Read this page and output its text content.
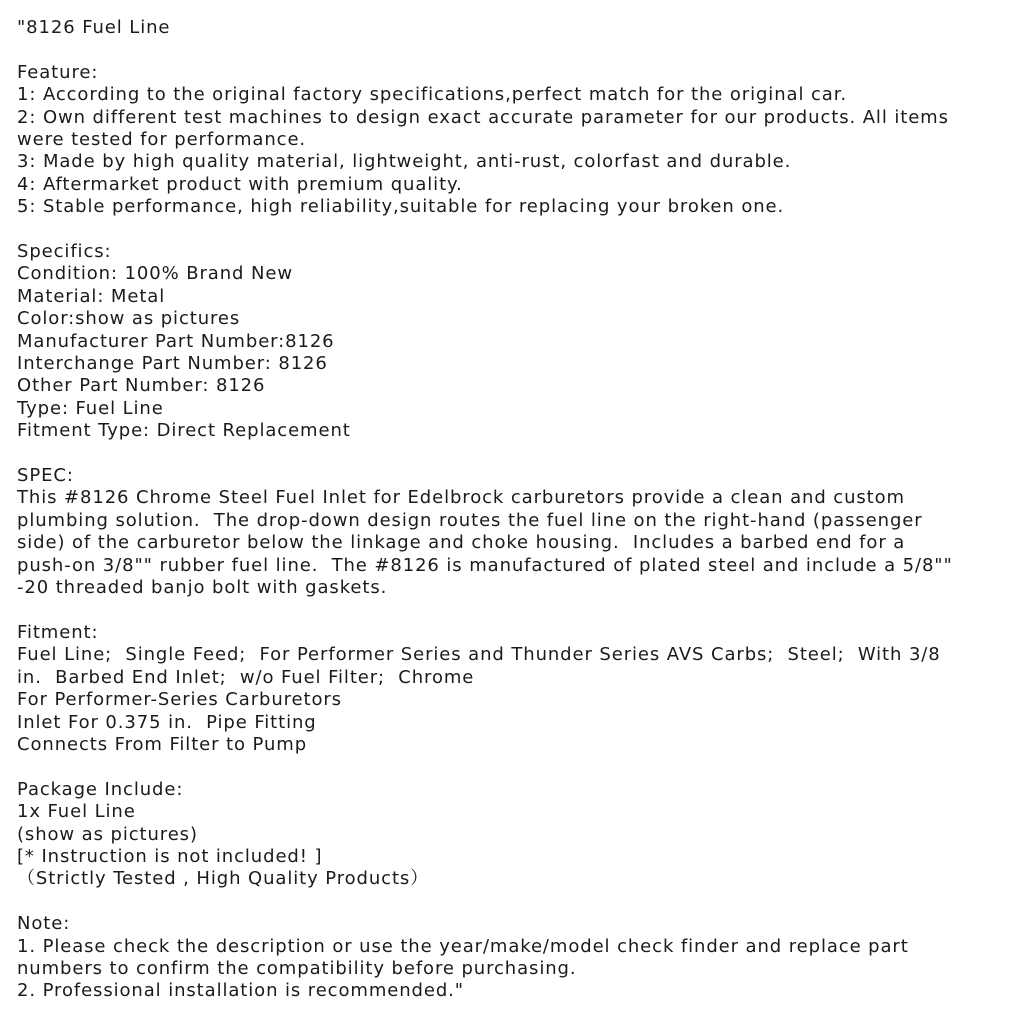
"8126 Fuel Line
Feature:
1: According to the original factory specifications,perfect match for the original car.
2: Own different test machines to design exact accurate parameter for our products. All items
were tested for performance.
3: Made by high quality material, lightweight, anti-rust, colorfast and durable.
4: Aftermarket product with premium quality.
5: Stable performance, high reliability,suitable for replacing your broken one.
Specifics:
Condition: 100% Brand New
Material: Metal
Color:show as pictures
Manufacturer Part Number:8126
Interchange Part Number: 8126
Other Part Number: 8126
Type: Fuel Line
Fitment Type: Direct Replacement
SPEC:
This #8126 Chrome Steel Fuel Inlet for Edelbrock carburetors provide a clean and custom
plumbing solution.  The drop-down design routes the fuel line on the right-hand (passenger
side) of the carburetor below the linkage and choke housing.  Includes a barbed end for a
push-on 3/8"" rubber fuel line.  The #8126 is manufactured of plated steel and include a 5/8""
-20 threaded banjo bolt with gaskets.
Fitment:
Fuel Line;  Single Feed;  For Performer Series and Thunder Series AVS Carbs;  Steel;  With 3/8
in.  Barbed End Inlet;  w/o Fuel Filter;  Chrome
For Performer-Series Carburetors
Inlet For 0.375 in.  Pipe Fitting
Connects From Filter to Pump
Package Include:
1x Fuel Line
(show as pictures)
[* Instruction is not included! ]
（Strictly Tested , High Quality Products）
Note:
1. Please check the description or use the year/make/model check finder and replace part
numbers to confirm the compatibility before purchasing.
2. Professional installation is recommended."
